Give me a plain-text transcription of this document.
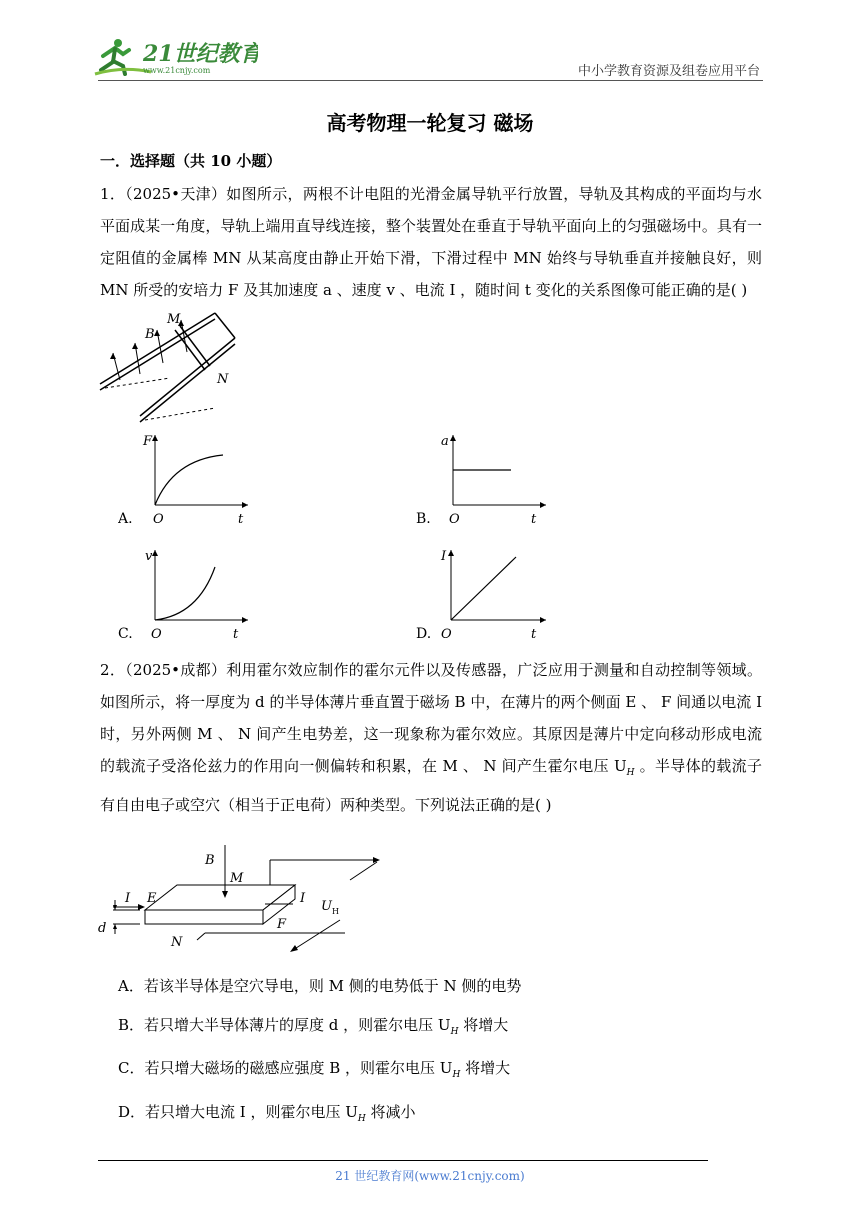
21世纪教育
www.21cnjy.com	中小学教育资源及组卷应用平台
高考物理一轮复习 磁场
一．选择题（共 10 小题）
1．（2025•天津）如图所示，两根不计电阻的光滑金属导轨平行放置，导轨及其构成的平面均与水平面成某一角度，导轨上端用直导线连接，整个装置处在垂直于导轨平面向上的匀强磁场中。具有一定阻值的金属棒 MN 从某高度由静止开始下滑，下滑过程中 MN 始终与导轨垂直并接触良好，则 MN 所受的安培力 F 及其加速度 a 、速度 v 、电流 I ，随时间 t 变化的关系图像可能正确的是( )
M
B
N
F
O	t
A.
a
O	t
B.
v
O	t
C.
I
O	t
D.
2．（2025•成都）利用霍尔效应制作的霍尔元件以及传感器，广泛应用于测量和自动控制等领域。如图所示，将一厚度为 d 的半导体薄片垂直置于磁场 B 中，在薄片的两个侧面 E 、 F 间通以电流 I 时，另外两侧 M 、 N 间产生电势差，这一现象称为霍尔效应。其原因是薄片中定向移动形成电流的载流子受洛伦兹力的作用向一侧偏转和积累，在 M 、 N 间产生霍尔电压 $U_H$ 。半导体的载流子有自由电子或空穴（相当于正电荷）两种类型。下列说法正确的是( )
B
M
E
I	I
F
N
d
U H
A．若该半导体是空穴导电，则 M 侧的电势低于 N 侧的电势
B．若只增大半导体薄片的厚度 d ，则霍尔电压 $U_H$ 将增大
C．若只增大磁场的磁感应强度 B ，则霍尔电压 $U_H$ 将增大
D．若只增大电流 I ，则霍尔电压 $U_H$ 将减小
21 世纪教育网(www.21cnjy.com)
